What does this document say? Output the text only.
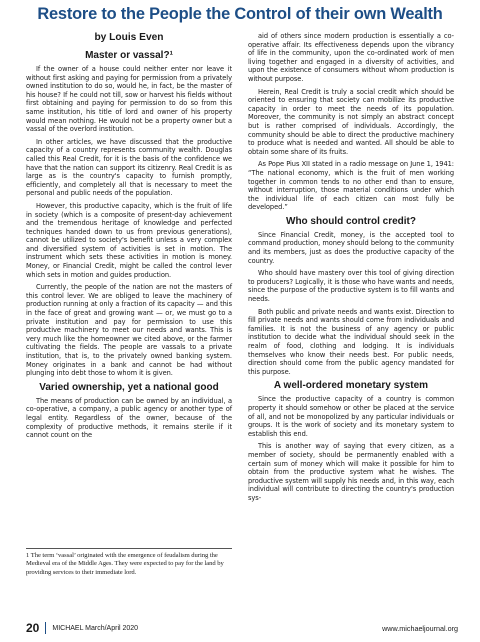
Restore to the People the Control of their own Wealth
by Louis Even
Master or vassal?¹

If the owner of a house could neither enter nor leave it without first asking and paying for permission from a privately owned institution to do so, would he, in fact, be the master of his house? If he could not till, sow or harvest his fields without first obtaining and paying for permission to do so from this same institution, his title of lord and owner of his property would mean nothing. He would not be a property owner but a vassal of the overlord institution.

In other articles, we have discussed that the productive capacity of a country represents community wealth. Douglas called this Real Credit, for it is the basis of the confidence we have that the nation can support its citizenry. Real Credit is as large as is the country's capacity to furnish promptly, efficiently, and completely all that is necessary to meet the personal and public needs of the population.

However, this productive capacity, which is the fruit of life in society (which is a composite of present-day achievement and the tremendous heritage of knowledge and perfected techniques handed down to us from previous generations), cannot be utilized to society's benefit unless a very complex and diversified system of activities is set in motion. The instrument which sets these activities in motion is money. Money, or Financial Credit, might be called the control lever which sets in motion and guides production.

Currently, the people of the nation are not the masters of this control lever. We are obliged to leave the machinery of production running at only a fraction of its capacity — and this in the face of great and growing want — or, we must go to a private institution and pay for permission to use this productive machinery to meet our needs and wants. This is very much like the homeowner we cited above, or the farmer cultivating the fields. The people are vassals to a private institution, that is, to the privately owned banking system. Money originates in a bank and cannot be had without plunging into debt those to whom it is given.

Varied ownership, yet a national good

The means of production can be owned by an individual, a co-operative, a company, a public agency or another type of legal entity. Regardless of the owner, because of the complexity of productive methods, it remains sterile if it cannot count on the

1 The term ‘vassal’ originated with the emergence of feudalism during the Medieval era of the Middle Ages. They were expected to pay for the land by providing services to their immediate lord.

aid of others since modern production is essentially a co-operative affair. Its effectiveness depends upon the vibrancy of life in the community, upon the co-ordinated work of men living together and engaged in a diversity of activities, and upon the existence of consumers without whom production is without purpose.

Herein, Real Credit is truly a social credit which should be oriented to ensuring that society can mobilize its productive capacity in order to meet the needs of its population. Moreover, the community is not simply an abstract concept but is rather comprised of individuals. Accordingly, the community should be able to direct the productive machinery to produce what is needed and wanted. All should be able to obtain some share of its fruits.

As Pope Pius XII stated in a radio message on June 1, 1941: “The national economy, which is the fruit of men working together in common tends to no other end than to ensure, without interruption, those material conditions under which the individual life of each citizen can most fully be developed.”

Who should control credit?

Since Financial Credit, money, is the accepted tool to command production, money should belong to the community and its members, just as does the productive capacity of the country.

Who should have mastery over this tool of giving direction to producers? Logically, it is those who have wants and needs, since the purpose of the productive system is to fill wants and needs.

Both public and private needs and wants exist. Direction to fill private needs and wants should come from individuals and families. It is not the business of any agency or public institution to decide what the individual should seek in the realm of food, clothing and lodging. It is individuals themselves who know their needs best. For public needs, direction should come from the public agency mandated for this purpose.

A well-ordered monetary system

Since the productive capacity of a country is common property it should somehow or other be placed at the service of all, and not be monopolized by any particular individuals or groups. It is the work of society and its monetary system to establish this end.

This is another way of saying that every citizen, as a member of society, should be permanently enabled with a certain sum of money which will make it possible for him to obtain from the productive system what he wishes. The productive system will supply his needs and, in this way, each individual will contribute to directing the country's production sys-

20 MICHAEL March/April 2020	www.michaeljournal.org
